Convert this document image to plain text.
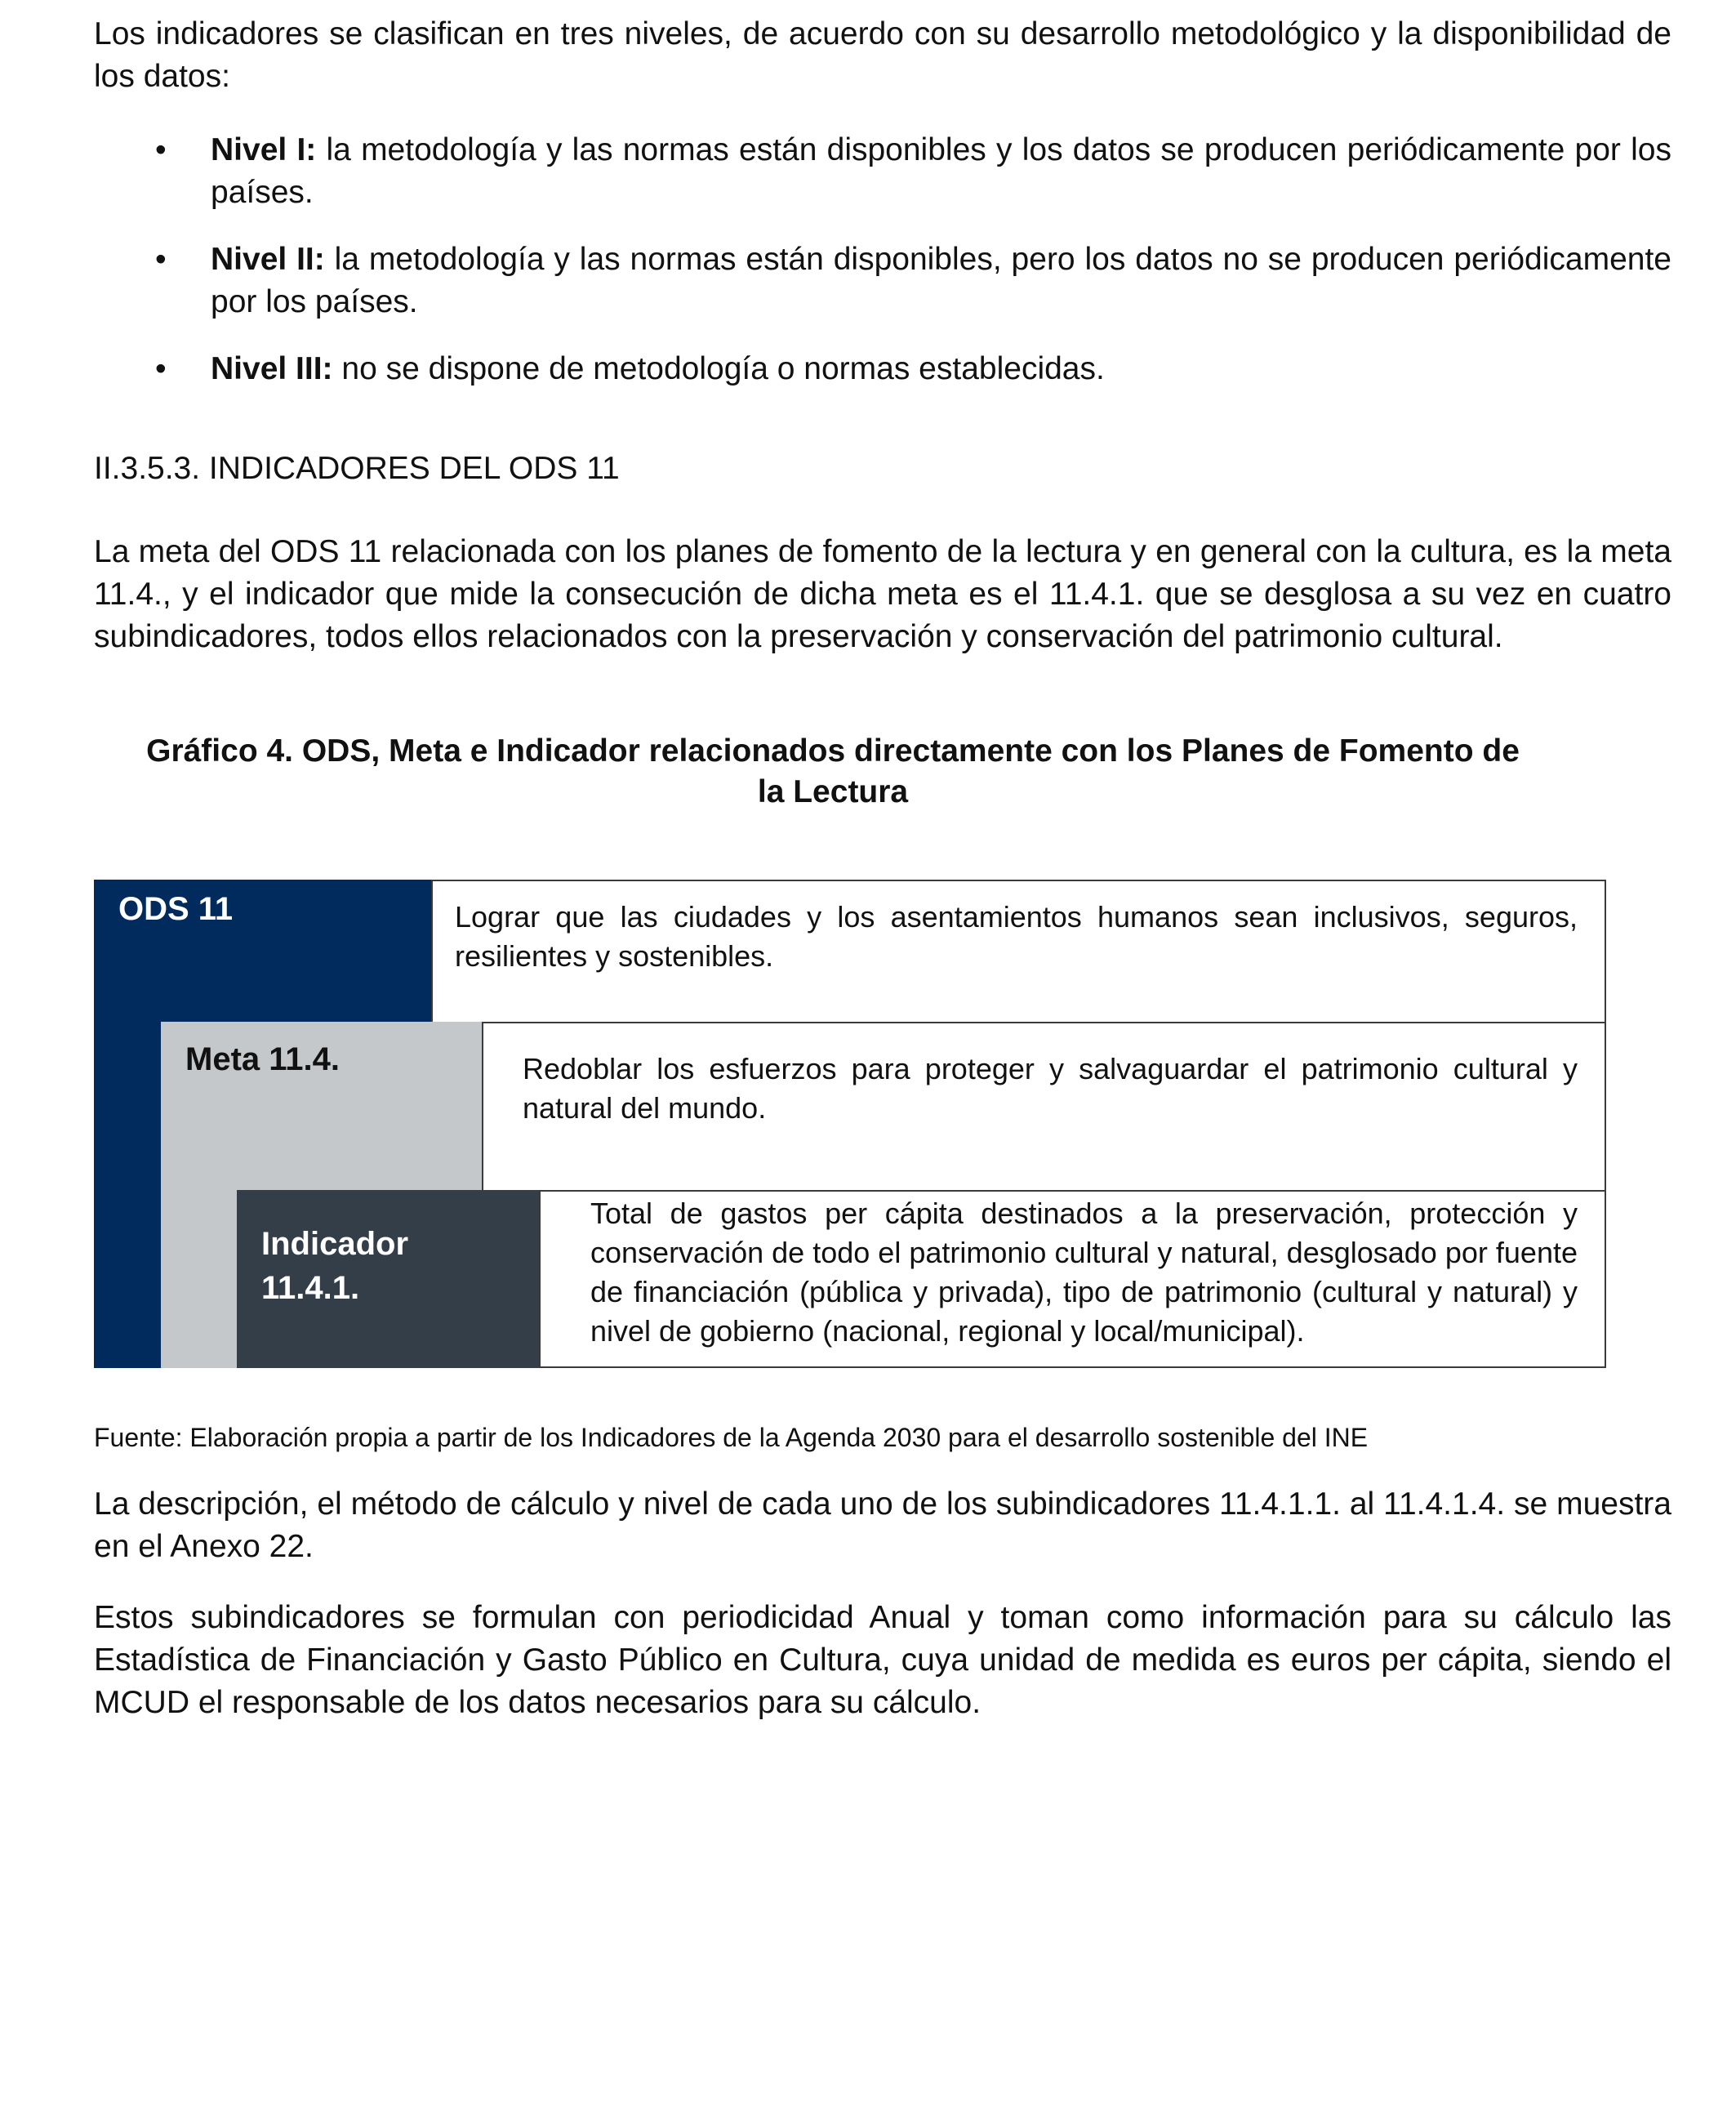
Los indicadores se clasifican en tres niveles, de acuerdo con su desarrollo metodológico y la disponibilidad de los datos:

• Nivel I: la metodología y las normas están disponibles y los datos se producen periódicamente por los países.
• Nivel II: la metodología y las normas están disponibles, pero los datos no se producen periódicamente por los países.
• Nivel III: no se dispone de metodología o normas establecidas.

II.3.5.3. INDICADORES DEL ODS 11

La meta del ODS 11 relacionada con los planes de fomento de la lectura y en general con la cultura, es la meta 11.4., y el indicador que mide la consecución de dicha meta es el 11.4.1. que se desglosa a su vez en cuatro subindicadores, todos ellos relacionados con la preservación y conservación del patrimonio cultural.

Gráfico 4. ODS, Meta e Indicador relacionados directamente con los Planes de Fomento de la Lectura

ODS 11	Lograr que las ciudades y los asentamientos humanos sean inclusivos, seguros, resilientes y sostenibles.
Meta 11.4.	Redoblar los esfuerzos para proteger y salvaguardar el patrimonio cultural y natural del mundo.
Indicador
11.4.1.
Total de gastos per cápita destinados a la preservación, protección y conservación de todo el patrimonio cultural y natural, desglosado por fuente de financiación (pública y privada), tipo de patrimonio (cultural y natural) y nivel de gobierno (nacional, regional y local/municipal).

Fuente: Elaboración propia a partir de los Indicadores de la Agenda 2030 para el desarrollo sostenible del INE

La descripción, el método de cálculo y nivel de cada uno de los subindicadores 11.4.1.1. al 11.4.1.4. se muestra en el Anexo 22.

Estos subindicadores se formulan con periodicidad Anual y toman como información para su cálculo las Estadística de Financiación y Gasto Público en Cultura, cuya unidad de medida es euros per cápita, siendo el MCUD el responsable de los datos necesarios para su cálculo.
